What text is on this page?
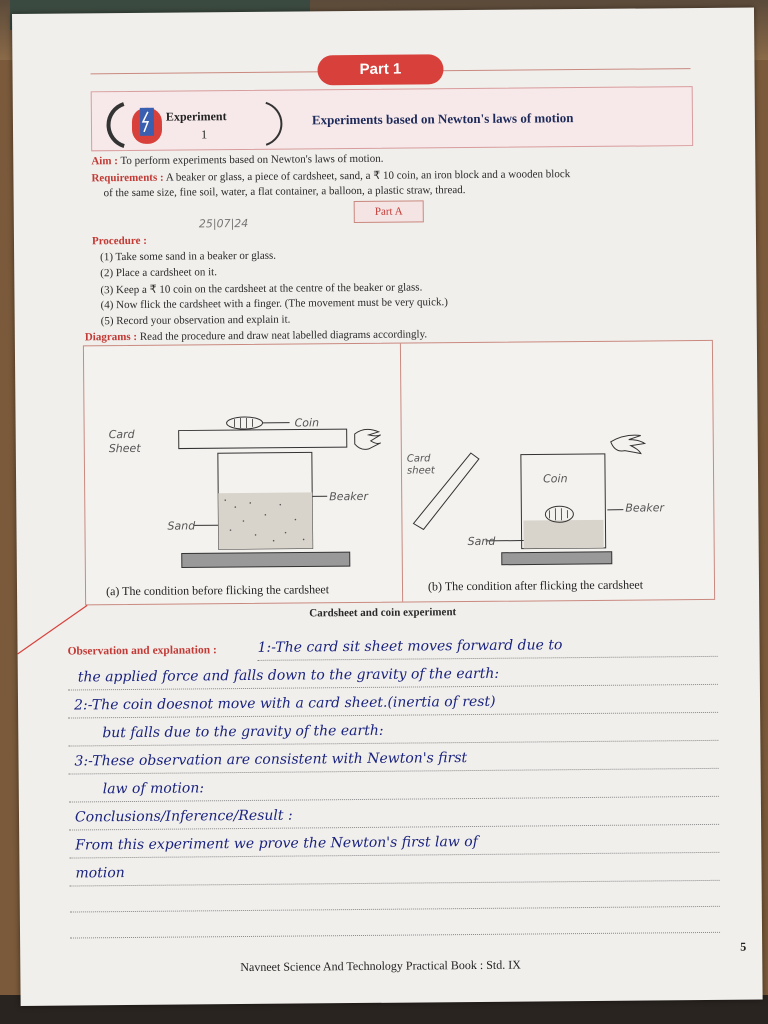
Part 1
Experiment
1
Experiments based on Newton's laws of motion
Aim : To perform experiments based on Newton's laws of motion.
Requirements : A beaker or glass, a piece of cardsheet, sand, a ₹ 10 coin, an iron block and a wooden block
of the same size, fine soil, water, a flat container, a balloon, a plastic straw, thread.
Part A
25|07|24
Procedure :
(1) Take some sand in a beaker or glass.
(2) Place a cardsheet on it.
(3) Keep a ₹ 10 coin on the cardsheet at the centre of the beaker or glass.
(4) Now flick the cardsheet with a finger. (The movement must be very quick.)
(5) Record your observation and explain it.
Diagrams : Read the procedure and draw neat labelled diagrams accordingly.
Card
Sheet
Coin
Beaker
Sand
Card
sheet
Coin
Beaker
Sand
(a) The condition before flicking the cardsheet	(b) The condition after flicking the cardsheet
Cardsheet and coin experiment
Observation and explanation :	1:-The card sit sheet moves forward due to
the applied force and falls down to the gravity of the earth:
2:-The coin doesnot move with a card sheet.(inertia of rest)
but falls due to the gravity of the earth:
3:-These observation are consistent with Newton's first
law of motion:
Conclusions/Inference/Result :
From this experiment we prove the Newton's first law of
motion
Navneet Science And Technology Practical Book : Std. IX
5
